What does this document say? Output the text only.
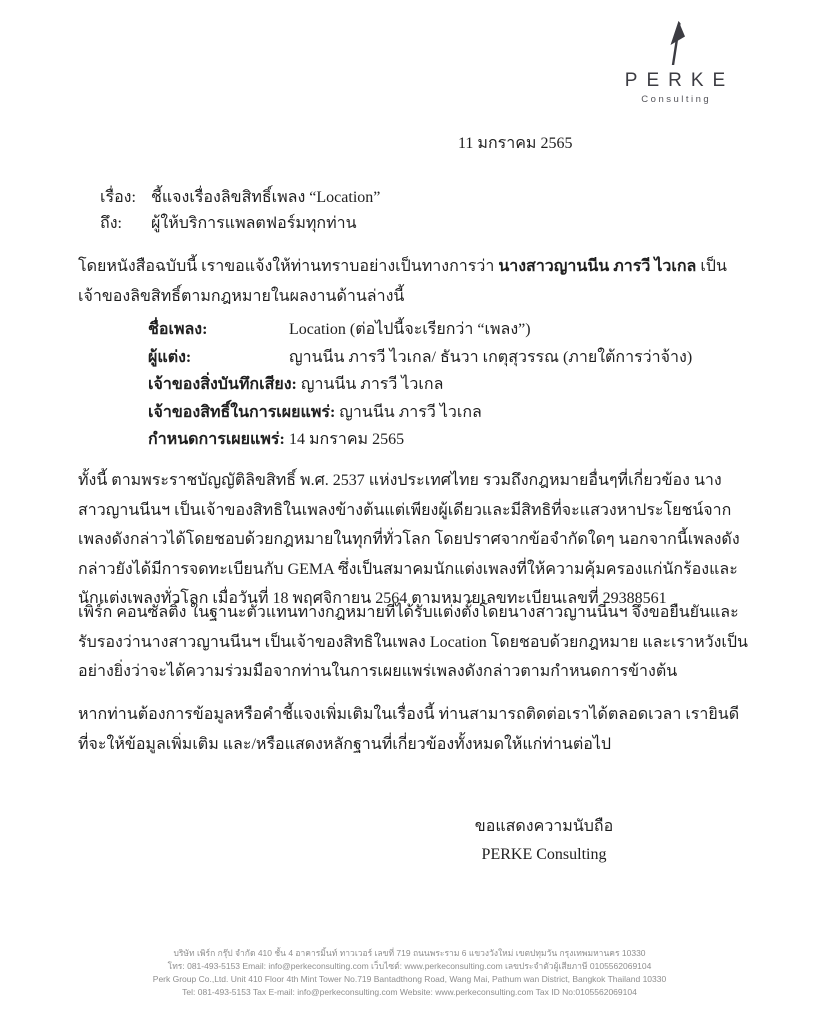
PERKE
Consulting
11 มกราคม 2565
เรื่อง: ชี้แจงเรื่องลิขสิทธิ์เพลง “Location”
ถึง: ผู้ให้บริการแพลตฟอร์มทุกท่าน

โดยหนังสือฉบับนี้ เราขอแจ้งให้ท่านทราบอย่างเป็นทางการว่า นางสาวญานนีน ภารวี ไวเกล เป็นเจ้าของลิขสิทธิ์ตามกฎหมายในผลงานด้านล่างนี้

ชื่อเพลง:	Location (ต่อไปนี้จะเรียกว่า “เพลง”)
ผู้แต่ง:	ญานนีน ภารวี ไวเกล/ ธันวา เกตุสุวรรณ (ภายใต้การว่าจ้าง)
เจ้าของสิ่งบันทึกเสียง: ญานนีน ภารวี ไวเกล
เจ้าของสิทธิ์ในการเผยแพร่: ญานนีน ภารวี ไวเกล
กำหนดการเผยแพร่: 14 มกราคม 2565

ทั้งนี้ ตามพระราชบัญญัติลิขสิทธิ์ พ.ศ. 2537 แห่งประเทศไทย รวมถึงกฎหมายอื่นๆที่เกี่ยวข้อง นางสาวญานนีนฯ เป็นเจ้าของสิทธิในเพลงข้างต้นแต่เพียงผู้เดียวและมีสิทธิที่จะแสวงหาประโยชน์จากเพลงดังกล่าวได้โดยชอบด้วยกฎหมายในทุกที่ทั่วโลก โดยปราศจากข้อจำกัดใดๆ นอกจากนี้เพลงดังกล่าวยังได้มีการจดทะเบียนกับ GEMA ซึ่งเป็นสมาคมนักแต่งเพลงที่ให้ความคุ้มครองแก่นักร้องและนักแต่งเพลงทั่วโลก เมื่อวันที่ 18 พฤศจิกายน 2564 ตามหมายเลขทะเบียนเลขที่ 29388561

เพิร์ก คอนซัลติ้ง ในฐานะตัวแทนทางกฎหมายที่ได้รับแต่งตั้งโดยนางสาวญานนีนฯ จึงขอยืนยันและรับรองว่านางสาวญานนีนฯ เป็นเจ้าของสิทธิในเพลง Location โดยชอบด้วยกฎหมาย และเราหวังเป็นอย่างยิ่งว่าจะได้ความร่วมมือจากท่านในการเผยแพร่เพลงดังกล่าวตามกำหนดการข้างต้น

หากท่านต้องการข้อมูลหรือคำชี้แจงเพิ่มเติมในเรื่องนี้ ท่านสามารถติดต่อเราได้ตลอดเวลา เรายินดีที่จะให้ข้อมูลเพิ่มเติม และ/หรือแสดงหลักฐานที่เกี่ยวข้องทั้งหมดให้แก่ท่านต่อไป

ขอแสดงความนับถือ
PERKE Consulting
บริษัท เพิร์ก กรุ๊ป จำกัด 410 ชั้น 4 อาคารมิ้นท์ ทาวเวอร์ เลขที่ 719 ถนนพระราม 6 แขวงวังใหม่ เขตปทุมวัน กรุงเทพมหานคร 10330
โทร: 081-493-5153 Email: info@perkeconsulting.com เว็บไซต์: www.perkeconsulting.com เลขประจำตัวผู้เสียภาษี 0105562069104
Perk Group Co.,Ltd. Unit 410 Floor 4th Mint Tower No.719 Bantadthong Road, Wang Mai, Pathum wan District, Bangkok Thailand 10330
Tel: 081-493-5153 Tax E-mail: info@perkeconsulting.com Website: www.perkeconsulting.com Tax ID No:0105562069104
